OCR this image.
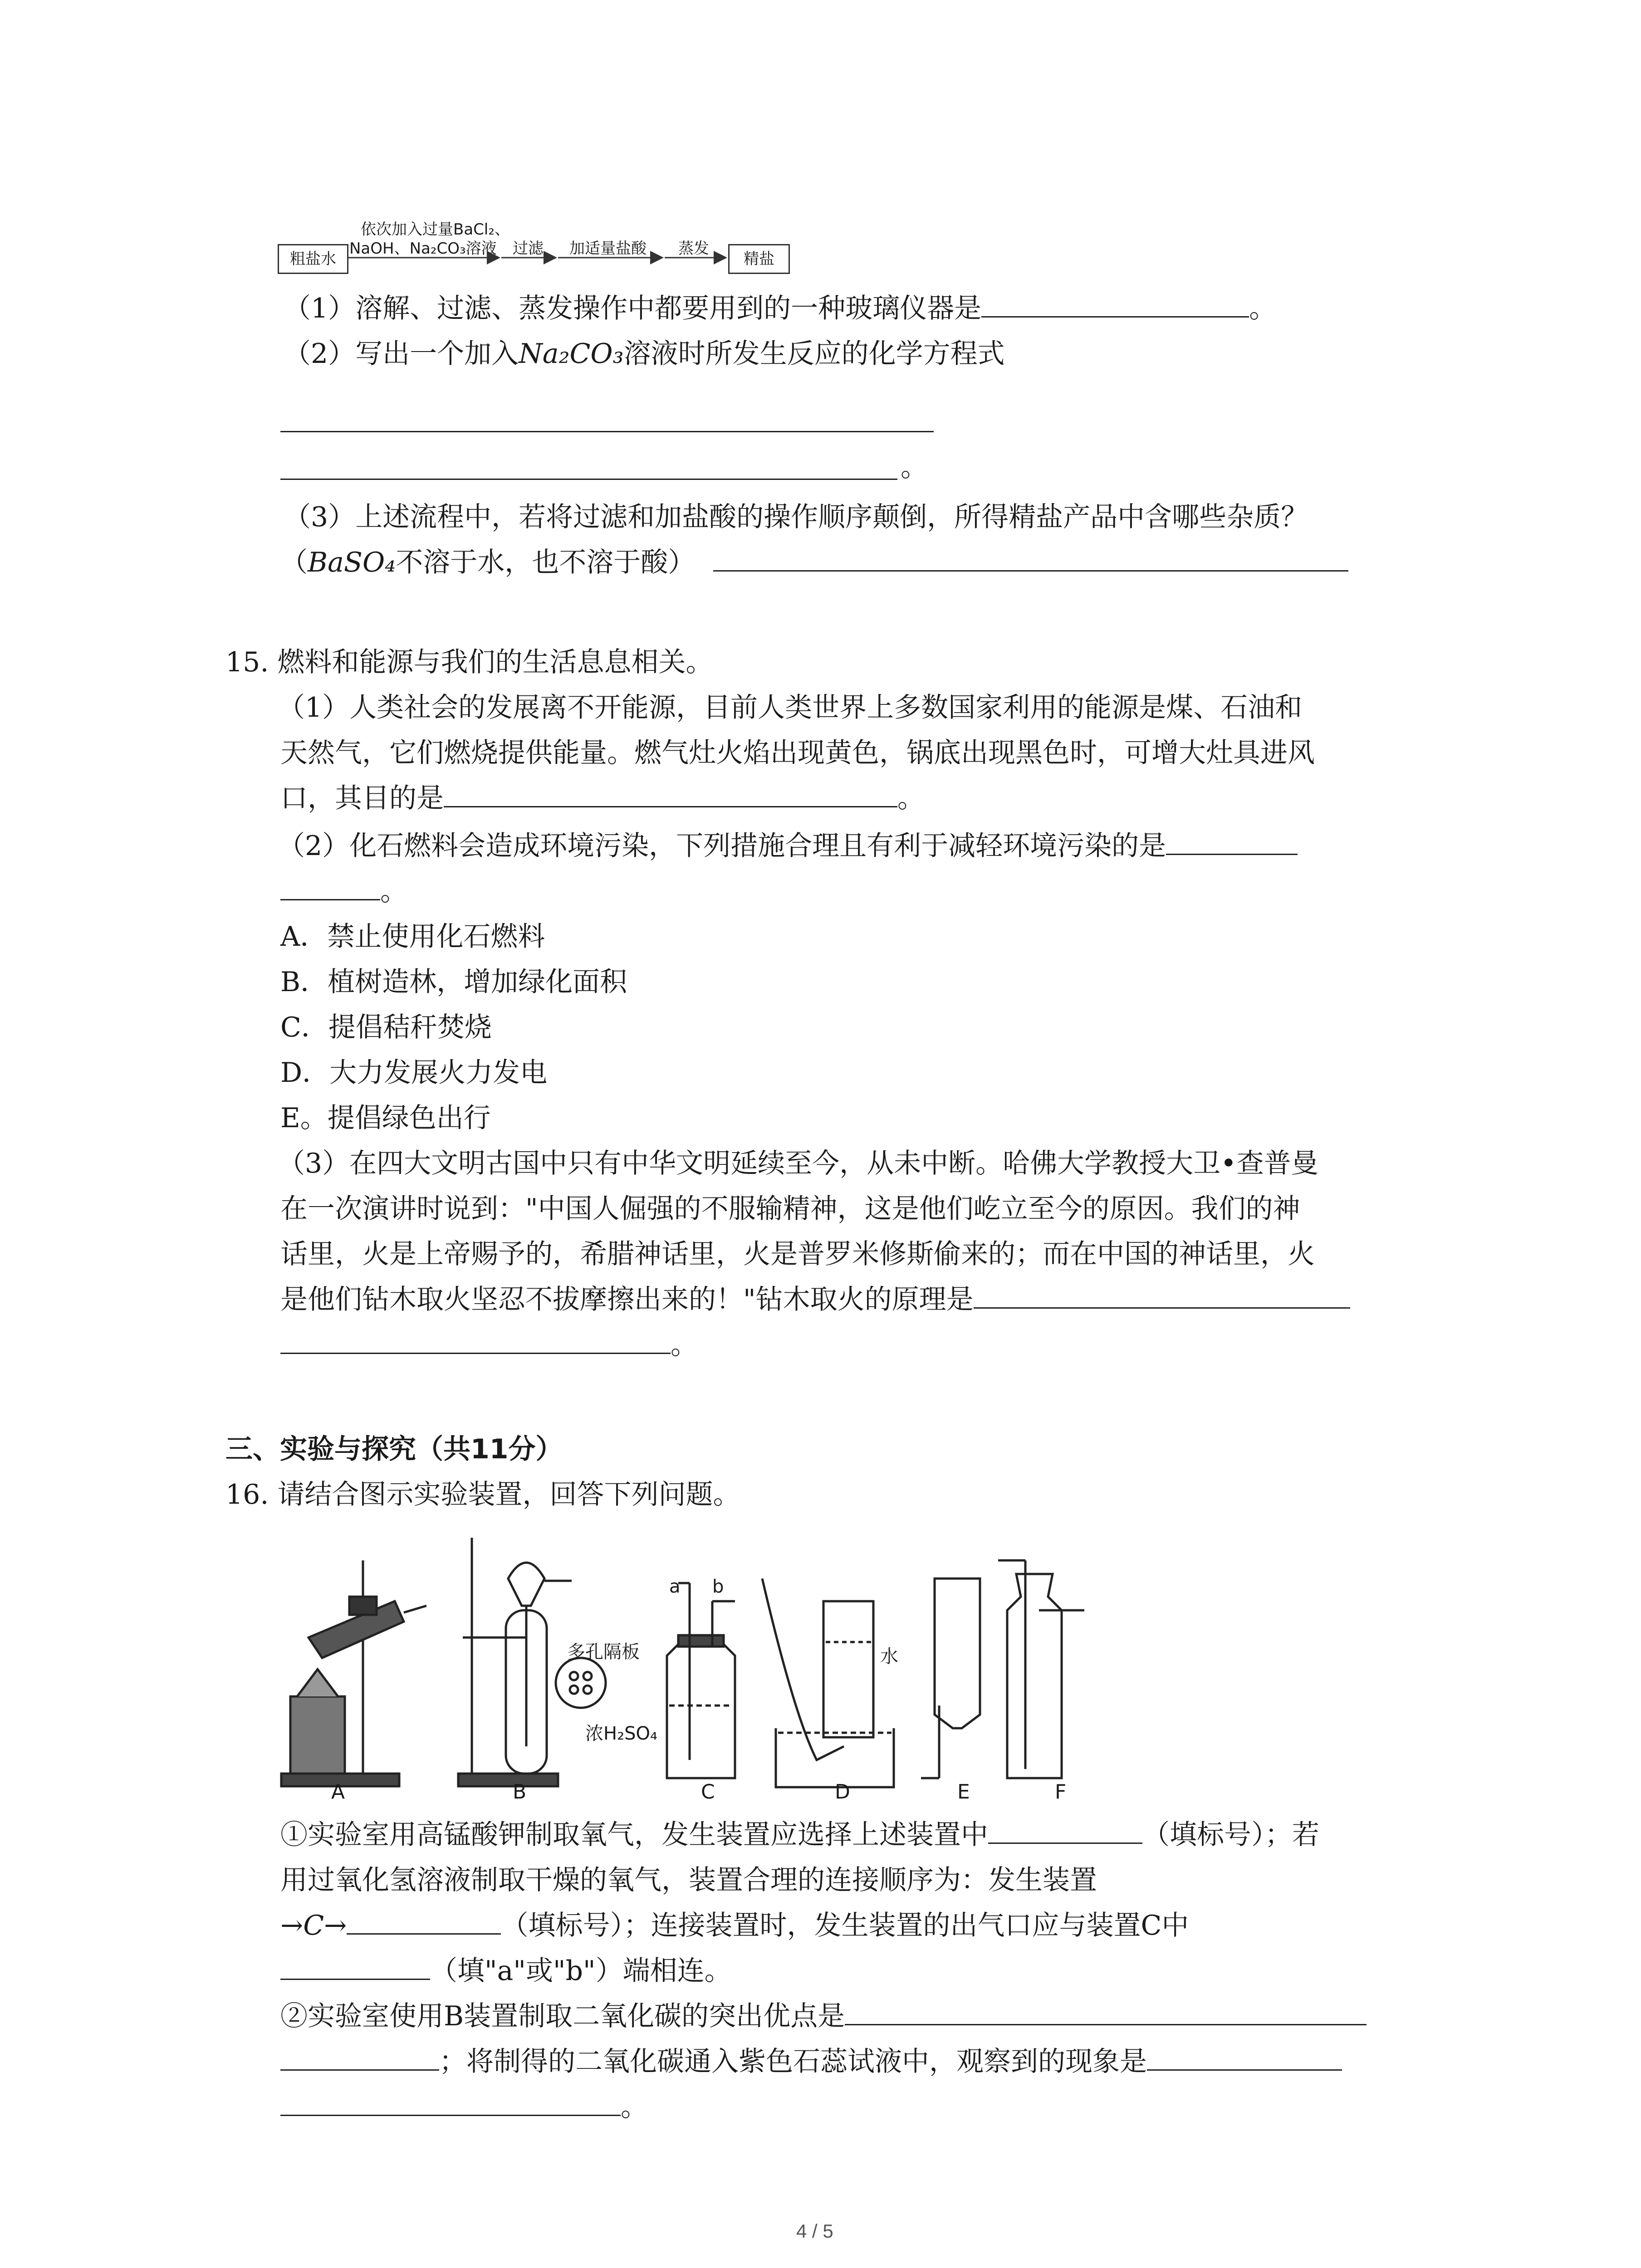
粗盐水
依次加入过量BaCl₂、
NaOH、Na₂CO₃溶液 过滤 加适量盐酸 蒸发
精盐
（1）溶解、过滤、蒸发操作中都要用到的一种玻璃仪器是	。
（2）写出一个加入Na₂CO₃溶液时所发生反应的化学方程式
。
（3）上述流程中，若将过滤和加盐酸的操作顺序颠倒，所得精盐产品中含哪些杂质？
（BaSO₄不溶于水，也不溶于酸）
15. 燃料和能源与我们的生活息息相关。
（1）人类社会的发展离不开能源，目前人类世界上多数国家利用的能源是煤、石油和
天然气，它们燃烧提供能量。燃气灶火焰出现黄色，锅底出现黑色时，可增大灶具进风
口，其目的是	。
（2）化石燃料会造成环境污染，下列措施合理且有利于减轻环境污染的是
。
A．禁止使用化石燃料
B．植树造林，增加绿化面积
C．提倡秸秆焚烧
D．大力发展火力发电
E。提倡绿色出行
（3）在四大文明古国中只有中华文明延续至今，从未中断。哈佛大学教授大卫•查普曼
在一次演讲时说到："中国人倔强的不服输精神，这是他们屹立至今的原因。我们的神
话里，火是上帝赐予的，希腊神话里，火是普罗米修斯偷来的；而在中国的神话里，火
是他们钻木取火坚忍不拔摩擦出来的！"钻木取火的原理是
。
三、实验与探究（共11分）
16. 请结合图示实验装置，回答下列问题。
多孔隔板
a b
浓H₂SO₄
水
A	B	C	D	E	F
①实验室用高锰酸钾制取氧气，发生装置应选择上述装置中	（填标号）；若
用过氧化氢溶液制取干燥的氧气，装置合理的连接顺序为：发生装置
→C→	（填标号）；连接装置时，发生装置的出气口应与装置C中
（填"a"或"b"）端相连。
②实验室使用B装置制取二氧化碳的突出优点是
；将制得的二氧化碳通入紫色石蕊试液中，观察到的现象是
。
4 / 5
